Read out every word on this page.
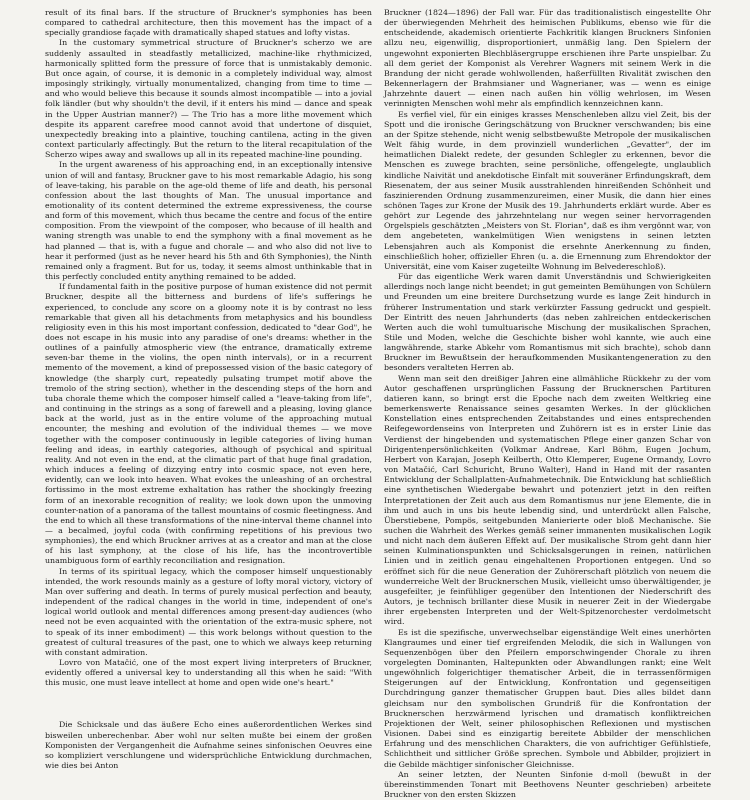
result of its final bars. If the structure of Bruckner's symphonies has been compared to cathedral architecture, then this movement has the impact of a specially grandiose façade with dramatically shaped statues and lofty vistas.

In the customary symmetrical structure of Bruckner's scherzo we are suddenly assaulted in steadfastly metallicized, machine-like rhythmicized, harmonically splitted form the pressure of force that is unmistakably demonic. But once again, of course, it is demonic in a completely individual way, almost imposingly strikingly, virtually monumentalized, changing from time to time — and who would believe this because it sounds almost incompatible — into a jovial folk ländler (but why shouldn't the devil, if it enters his mind — dance and speak in the Upper Austrian manner?) — The Trio has a more lithe movement which despite its apparent carefree mood cannot avoid that undertone of disquiet, unexpectedly breaking into a plaintive, touching cantilena, acting in the given context particularly affectingly. But the return to the literal recapitulation of the Scherzo wipes away and swallows up all in its repeated machine-line pounding.

In the urgent awareness of his approaching end, in an exceptionally intensive union of will and fantasy, Bruckner gave to his most remarkable Adagio, his song of leave-taking, his parable on the age-old theme of life and death, his personal confession about the last thoughts of Man. The unusual importance and emotionality of its content determined the extreme expressiveness, the course and form of this movement, which thus became the centre and focus of the entire composition. From the viewpoint of the composer, who because of ill health and waning strength was unable to end the symphony with a final movement as he had planned — that is, with a fugue and chorale — and who also did not live to hear it performed (just as he never heard his 5th and 6th Symphonies), the Ninth remained only a fragment. But for us, today, it seems almost unthinkable that in this perfectly concluded entity anything remained to be added.

If fundamental faith in the positive purpose of human existence did not permit Bruckner, despite all the bitterness and burdens of life's sufferings he experienced, to conclude any score on a gloomy note it is by contrast no less remarkable that given all his detachments from metaphysics and his boundless religiosity even in this his most important confession, dedicated to "dear God", he does not escape in his music into any paradise of one's dreams: whether in the outlines of a painfully atmospheric view (the entrance, dramatically extreme seven-bar theme in the violins, the open ninth intervals), or in a recurrent memento of the movement, a kind of prepossessed vision of the basic category of knowledge (the sharply curt, repeatedly pulsating trumpet motif above the tremolo of the string section), whether in the descending steps of the horn and tuba chorale theme which the composer himself called a "leave-taking from life", and continuing in the strings as a song of farewell and a pleasing, loving glance back at the world, just as in the entire volume of the approaching mutual encounter, the meshing and evolution of the individual themes — we move together with the composer continuously in legible categories of living human feeling and ideas, in earthly categories, although of psychical and spiritual reality. And not even in the end, at the climatic part of that huge final gradation, which induces a feeling of dizzying entry into cosmic space, not even here, evidently, can we look into heaven. What evokes the unleashing of an orchestral fortissimo in the most extreme exhaltation has rather the shockingly freezing form of an inexorable recognition of reality; we look down upon the unmoving counter-nation of a panorama of the tallest mountains of cosmic fleetingness. And the end to which all these transformations of the nine-interval theme channel into — a becalmed, joyful coda (with confirming repetitions of his previous two symphonies), the end which Bruckner arrives at as a creator and man at the close of his last symphony, at the close of his life, has the incontrovertible unambiguous form of earthly reconciliation and resignation.

In terms of its spiritual legacy, which the composer himself unquestionably intended, the work resounds mainly as a gesture of lofty moral victory, victory of Man over suffering and death. In terms of purely musical perfection and beauty, independent of the radical changes in the world in time, independent of one's logical world outlook and mental differences among present-day audiences (who need not be even acquainted with the orientation of the extra-music sphere, not to speak of its inner embodiment) — this work belongs without question to the greatest of cultural treasures of the past, one to which we always keep returning with constant admiration.

Lovro von Matačić, one of the most expert living interpreters of Bruckner, evidently offered a universal key to understanding all this when he said: "With this music, one must leave intellect at home and open wide one's heart."

Die Schicksale und das äußere Echo eines außerordentlichen Werkes sind bisweilen unberechenbar. Aber wohl nur selten mußte bei einem der großen Komponisten der Vergangenheit die Aufnahme seines sinfonischen Oeuvres eine so kompliziert verschlungene und widersprüchliche Entwicklung durchmachen, wie dies bei Anton

Bruckner (1824—1896) der Fall war. Für das traditionalistisch eingestellte Ohr der überwiegenden Mehrheit des heimischen Publikums, ebenso wie für die entscheidende, akademisch orientierte Fachkritik klangen Bruckners Sinfonien allzu neu, eigenwillig, disproportioniert, unmäßig lang. Den Spielern der ungewohnt exponierten Blechbläsergruppe erschienen ihre Parte unspielbar. Zu all dem geriet der Komponist als Verehrer Wagners mit seinem Werk in die Brandung der nicht gerade wohlwollenden, haßerfüllten Rivalität zwischen den Bekennerlagern der Brahmsianer und Wagnerianer, was — wenn es einige Jahrzehnte dauert — einen nach außen hin völlig wehrlosen, im Wesen verinnigten Menschen wohl mehr als empfindlich kennzeichnen kann.

Es verfiel viel, für ein einiges krasses Menschenleben allzu viel Zeit, bis der Spott und die ironische Geringschätzung von Bruckner verschwanden; bis eine an der Spitze stehende, nicht wenig selbstbewußte Metropole der musikalischen Welt fähig wurde, in dem provinziell wunderlichen „Gevatter", der im heimatlichen Dialekt redete, der gesunden Schlegler zu erkennen, bevor die Menschen es zuwege brachten, seine persönliche, offengelegte, unglaublich kindliche Naivität und anekdotische Einfalt mit souveräner Erfindungskraft, dem Riesenatem, der aus seiner Musik ausstrahlenden hinreißenden Schönheit und faszinierenden Ordnung zusammenzureimen, einer Musik, die dann hier eines schönen Tages zur Krone der Musik des 19. Jahrhunderts erklärt wurde. Aber es gehört zur Legende des jahrzehntelang nur wegen seiner hervorragenden Orgelspiels geschätzten „Meisters von St. Florian", daß es ihm vergönnt war, von dem angebeteten, wankelmütigen Wien wenigstens in seinen letzten Lebensjahren auch als Komponist die ersehnte Anerkennung zu finden, einschließlich hoher, offizieller Ehren (u. a. die Ernennung zum Ehrendoktor der Universität, eine vom Kaiser zugeteilte Wohnung im Belvedereschloß).

Für das eigentliche Werk waren damit Unverständnis und Schwierigkeiten allerdings noch lange nicht beendet; in gut gemeinten Bemühungen von Schülern und Freunden um eine breitere Durchsetzung wurde es lange Zeit hindurch in früherer Instrumentation und stark verkürzter Fassung gedruckt und gespielt. Der Eintritt des neuen Jahrhunderts (das neben zahlreichen entdeckerischen Werten auch die wohl tumultuarische Mischung der musikalischen Sprachen, Stile und Moden, welche die Geschichte bisher wohl kannte, wie auch eine langwährende, starke Abkehr vom Romantismus mit sich brachte), schob dann Bruckner im Bewußtsein der heraufkommenden Musikantengeneration zu den besonders veralteten Herren ab.

Wenn man seit den dreißiger Jahren eine allmähliche Rückkehr zu der vom Autor geschaffenen ursprünglichen Fassung der Brucknerschen Partituren datieren kann, so bringt erst die Epoche nach dem zweiten Weltkrieg eine bemerkenswerte Renaissance seines gesamten Werkes. In der glücklichen Konstellation eines entsprechenden Zeitabstandes und eines entsprechenden Reifegewordenseins von Interpreten und Zuhörern ist es in erster Linie das Verdienst der hingebenden und systematischen Pflege einer ganzen Schar von Dirigentenpersönlichkeiten (Volkmar Andreae, Karl Böhm, Eugen Jochum, Herbert von Karajan, Joseph Keilberth, Otto Klemperer, Eugene Ormandy, Lovro von Matačić, Carl Schuricht, Bruno Walter), Hand in Hand mit der rasanten Entwicklung der Schallplatten-Aufnahmetechnik. Die Entwicklung hat schließlich eine synthetischen Wiedergabe bewahrt und potenziert jetzt in den reiften Interpretationen der Zeit auch aus dem Romantismus nur jene Elemente, die in ihm und auch in uns bis heute lebendig sind, und unterdrückt allen Falsche, Überstiebene, Pompös, seitgebunden Manierierte oder bloß Mechanische. Sie suchen die Wahrheit des Werkes gemäß seiner immanenten musikalischen Logik und nicht nach dem äußeren Effekt auf. Der musikalische Strom geht dann hier seinen Kulminationspunkten und Schicksalsgerungen in reinen, natürlichen Linien und in zeitlich genau eingehaltenen Proportionen entgegen. Und so eröffnet sich für die neue Generation der Zuhörerschaft plötzlich von neuem die wunderreiche Welt der Brucknerschen Musik, vielleicht umso überwältigender, je ausgefeilter, je feinfühliger gegenüber den Intentionen der Niederschrift des Autors, je technisch brillanter diese Musik in neuerer Zeit in der Wiedergabe ihrer ergebensten Interpreten und der Welt-Spitzenorchester verdolmetscht wird.

Es ist die spezifische, unverwechselbar eigenständige Welt eines unerhörten Klangraumes und einer tief ergreifenden Melodik, die sich in Wallungen von Sequenzenbögen über den Pfeilern emporschwingender Chorale zu ihren vorgelegten Dominanten, Haltepunkten oder Abwandlungen rankt; eine Welt ungewöhnlich folgerichtiger thematischer Arbeit, die in terrassenförmigen Steigerungen auf der Entwicklung, Konfrontation und gegenseitigen Durchdringung ganzer thematischer Gruppen baut. Dies alles bildet dann gleichsam nur den symbolischen Grundriß für die Konfrontation der Brucknerschen herzwärmend lyrischen und dramatisch konfliktreichen Projektionen der Welt, seiner philosophischen Reflexionen und mystischen Visionen. Dabei sind es einzigartig bereitete Abbilder der menschlichen Erfahrung und des menschlichen Charakters, die von aufrichtiger Gefühlstiefe, Schlichtheit und sittlicher Größe sprechen. Symbole und Abbilder, projiziert in die Gebilde mächtiger sinfonischer Gleichnisse.

An seiner letzten, der Neunten Sinfonie d-moll (bewußt in der übereinstimmenden Tonart mit Beethovens Neunter geschrieben) arbeitete Bruckner von den ersten Skizzen
